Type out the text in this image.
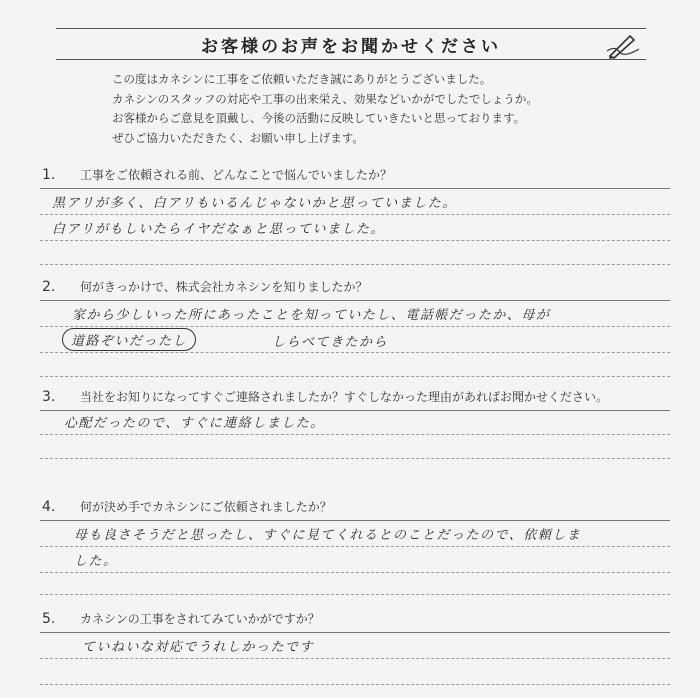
お客様のお声をお聞かせください
この度はカネシンに工事をご依頼いただき誠にありがとうございました。
カネシンのスタッフの対応や工事の出来栄え、効果などいかがでしたでしょうか。
お客様からご意見を頂戴し、今後の活動に反映していきたいと思っております。
ぜひご協力いただきたく、お願い申し上げます。
1.	工事をご依頼される前、どんなことで悩んでいましたか？
黒アリが多く、白アリもいるんじゃないかと思っていました。
白アリがもしいたらイヤだなぁと思っていました。
2.	何がきっかけで、株式会社カネシンを知りましたか？
家から少しいった所にあったことを知っていたし、電話帳だったか、母が
道路ぞいだったし	しらべてきたから
3.	当社をお知りになってすぐご連絡されましたか？すぐしなかった理由があればお聞かせください。
心配だったので、すぐに連絡しました。
4.	何が決め手でカネシンにご依頼されましたか？
母も良さそうだと思ったし、すぐに見てくれるとのことだったので、依頼しま
した。
5.	カネシンの工事をされてみていかがですか？
ていねいな対応でうれしかったです
